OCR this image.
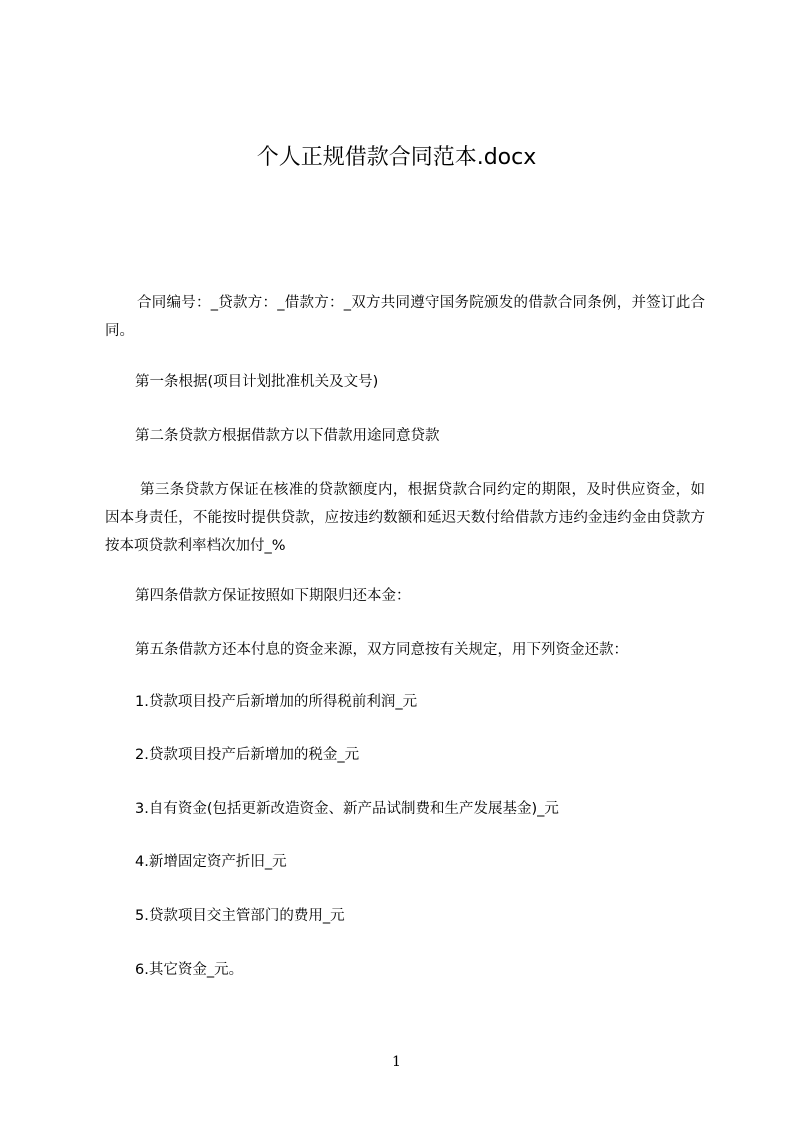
个人正规借款合同范本.docx
合同编号：_贷款方：_借款方：_双方共同遵守国务院颁发的借款合同条例，并签订此合同。
第一条根据(项目计划批准机关及文号)
第二条贷款方根据借款方以下借款用途同意贷款
第三条贷款方保证在核准的贷款额度内，根据贷款合同约定的期限，及时供应资金，如因本身责任，不能按时提供贷款，应按违约数额和延迟天数付给借款方违约金违约金由贷款方按本项贷款利率档次加付_%
第四条借款方保证按照如下期限归还本金：
第五条借款方还本付息的资金来源，双方同意按有关规定，用下列资金还款：
1.贷款项目投产后新增加的所得税前利润_元
2.贷款项目投产后新增加的税金_元
3.自有资金(包括更新改造资金、新产品试制费和生产发展基金)_元
4.新增固定资产折旧_元
5.贷款项目交主管部门的费用_元
6.其它资金_元。
1
